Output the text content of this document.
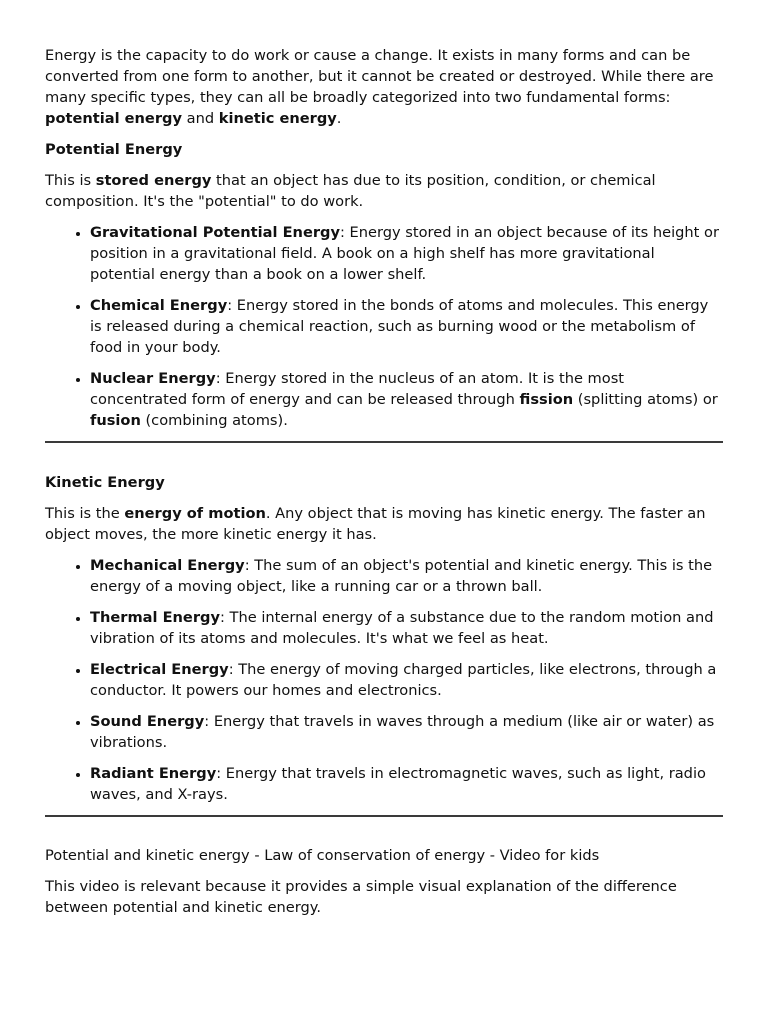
Energy is the capacity to do work or cause a change. It exists in many forms and can be converted from one form to another, but it cannot be created or destroyed. While there are many specific types, they can all be broadly categorized into two fundamental forms: potential energy and kinetic energy.

Potential Energy

This is stored energy that an object has due to its position, condition, or chemical composition. It's the "potential" to do work.

• Gravitational Potential Energy: Energy stored in an object because of its height or position in a gravitational field. A book on a high shelf has more gravitational potential energy than a book on a lower shelf.
• Chemical Energy: Energy stored in the bonds of atoms and molecules. This energy is released during a chemical reaction, such as burning wood or the metabolism of food in your body.
• Nuclear Energy: Energy stored in the nucleus of an atom. It is the most concentrated form of energy and can be released through fission (splitting atoms) or fusion (combining atoms).
Kinetic Energy

This is the energy of motion. Any object that is moving has kinetic energy. The faster an object moves, the more kinetic energy it has.

• Mechanical Energy: The sum of an object's potential and kinetic energy. This is the energy of a moving object, like a running car or a thrown ball.
• Thermal Energy: The internal energy of a substance due to the random motion and vibration of its atoms and molecules. It's what we feel as heat.
• Electrical Energy: The energy of moving charged particles, like electrons, through a conductor. It powers our homes and electronics.
• Sound Energy: Energy that travels in waves through a medium (like air or water) as vibrations.
• Radiant Energy: Energy that travels in electromagnetic waves, such as light, radio waves, and X-rays.

Potential and kinetic energy - Law of conservation of energy - Video for kids

This video is relevant because it provides a simple visual explanation of the difference between potential and kinetic energy.
